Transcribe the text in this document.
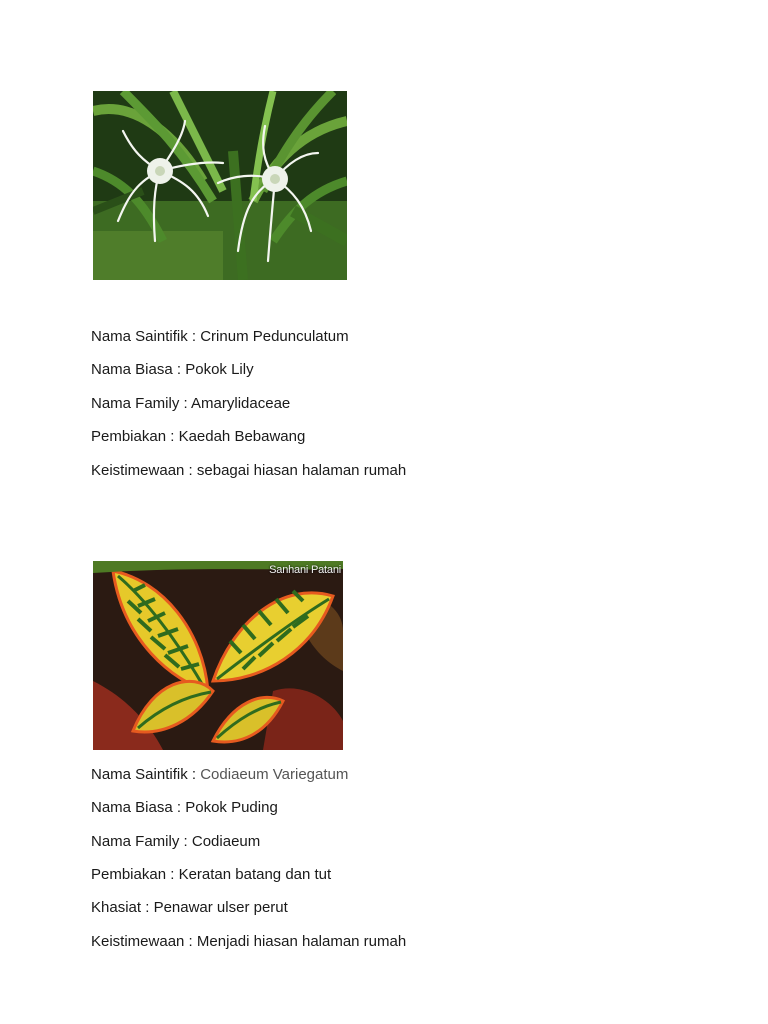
Nama Saintifik : Crinum Pedunculatum
Nama Biasa : Pokok Lily
Nama Family : Amarylidaceae
Pembiakan : Kaedah Bebawang
Keistimewaan : sebagai hiasan halaman rumah
Sanhani Patani
Nama Saintifik : Codiaeum Variegatum
Nama Biasa : Pokok Puding
Nama Family : Codiaeum
Pembiakan : Keratan batang dan tut
Khasiat : Penawar ulser perut
Keistimewaan : Menjadi hiasan halaman rumah
